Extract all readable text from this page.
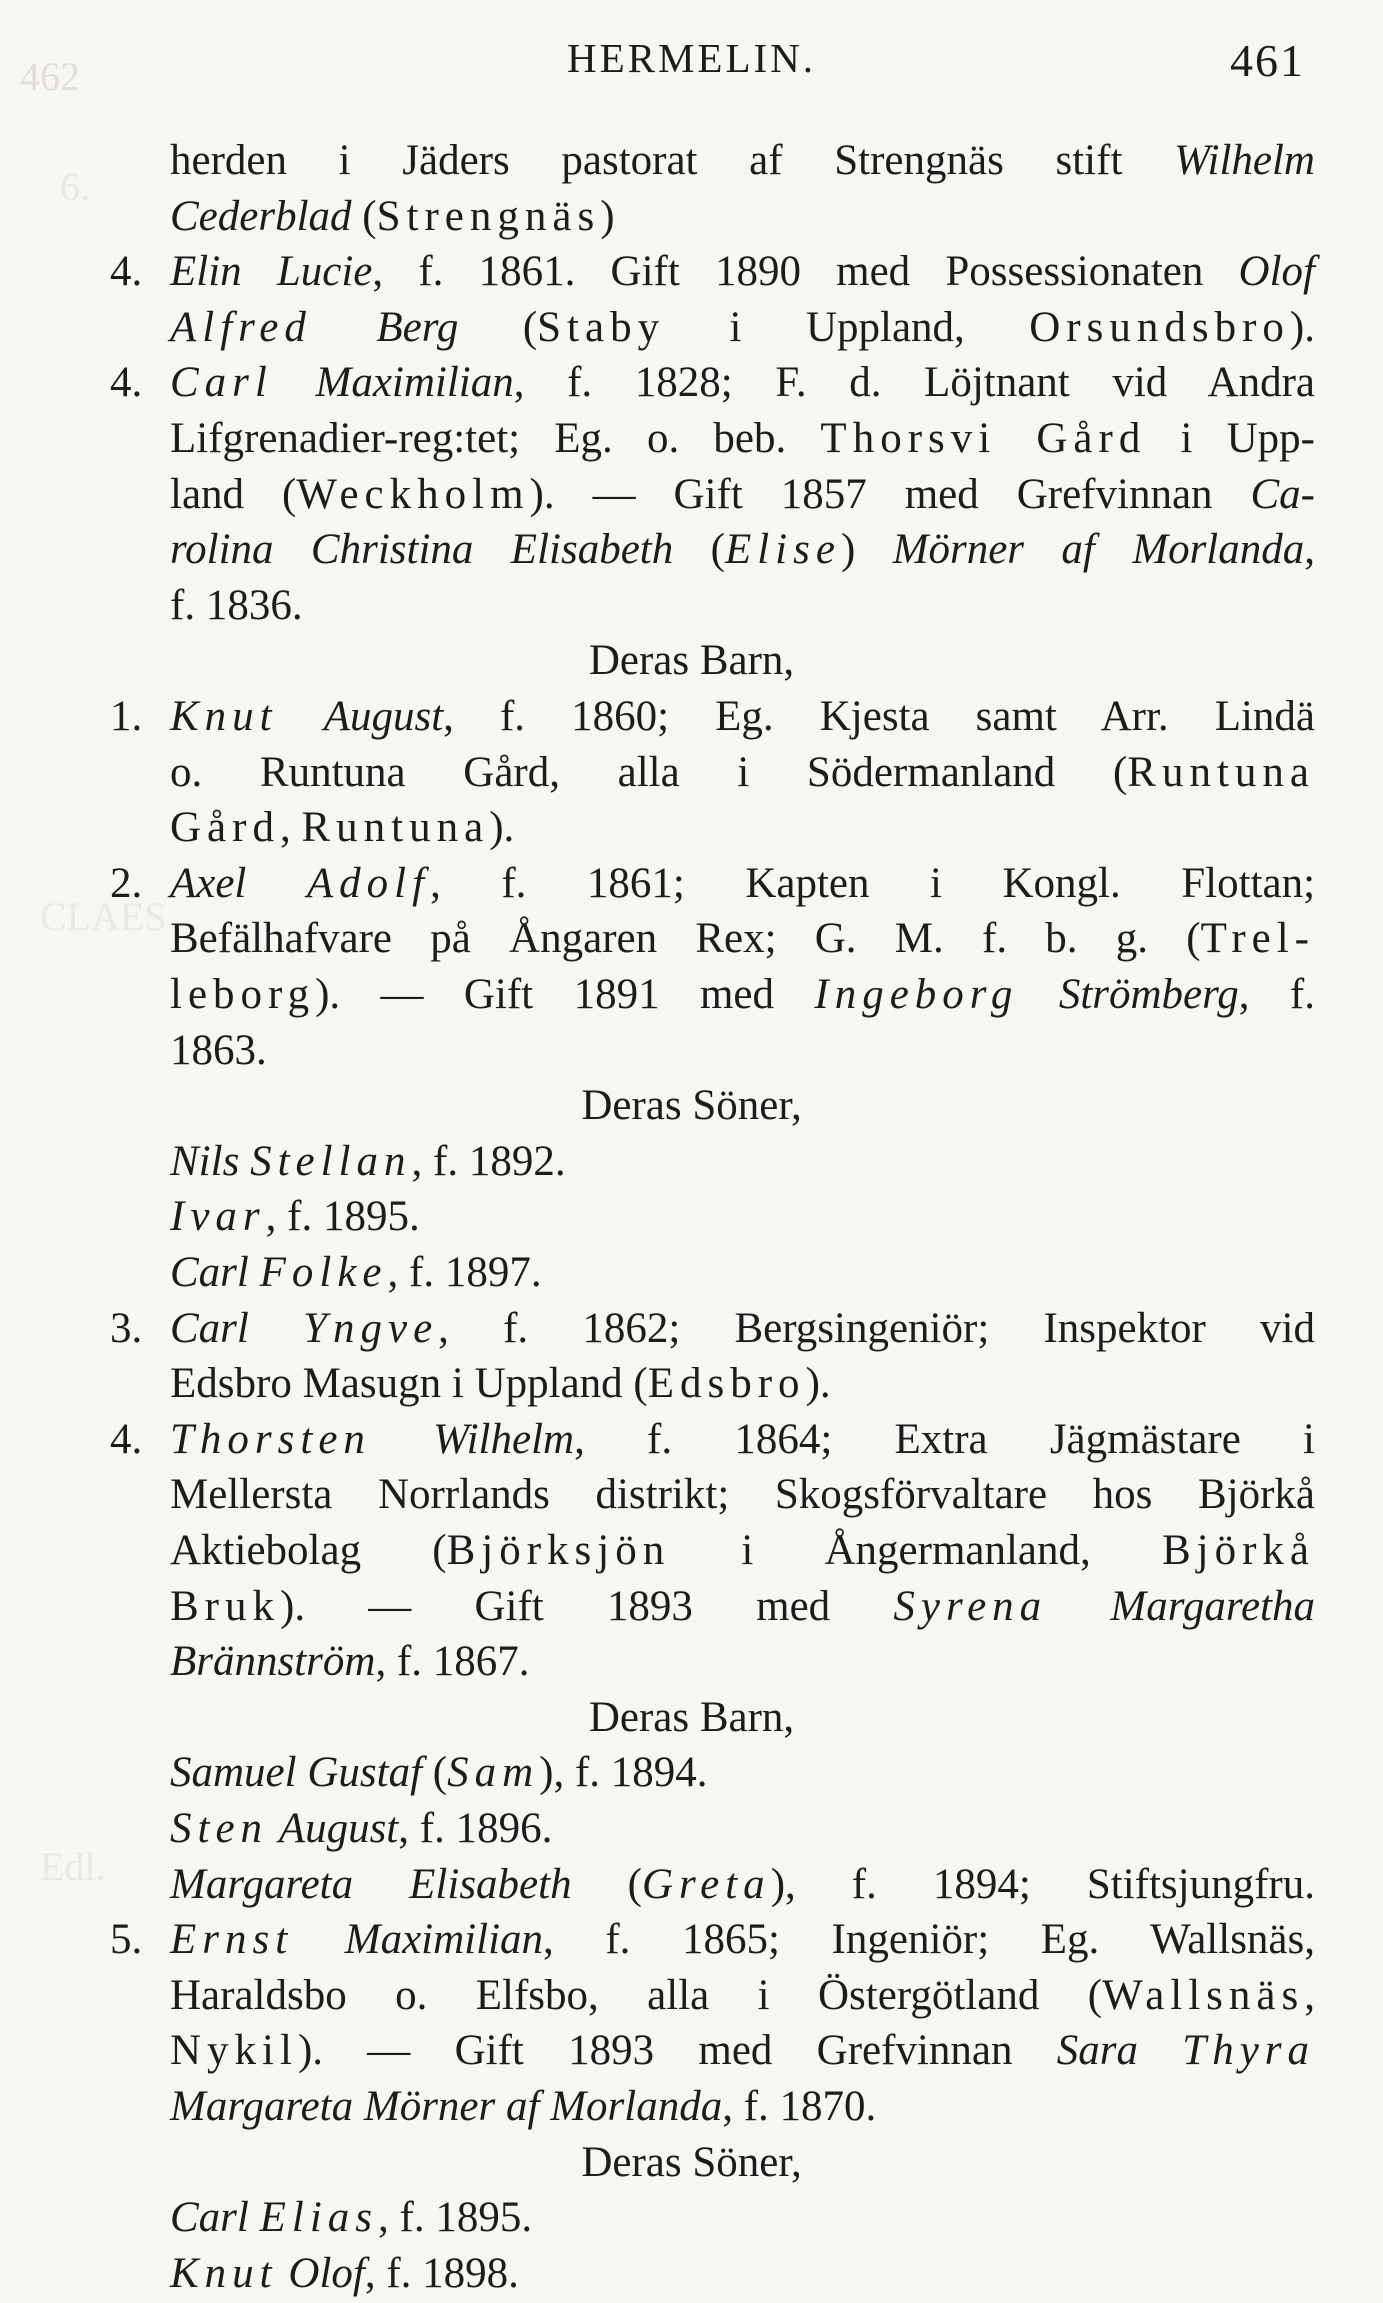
462
6.
CLAES
Edl.
HERMELIN.	461
herden i Jäders pastorat af Strengnäs stift Wilhelm
Cederblad (Strengnäs)
4. Elin Lucie, f. 1861. Gift 1890 med Possessionaten Olof
Alfred Berg (Staby i Uppland, Orsundsbro).
4. Carl Maximilian, f. 1828; F. d. Löjtnant vid Andra
Lifgrenadier-reg:tet; Eg. o. beb. Thorsvi Gård i Upp-
land (Weckholm). — Gift 1857 med Grefvinnan Ca-
rolina Christina Elisabeth (Elise) Mörner af Morlanda,
f. 1836.
Deras Barn,
1. Knut August, f. 1860; Eg. Kjesta samt Arr. Lindä
o. Runtuna Gård, alla i Södermanland (Runtuna
Gård, Runtuna).
2. Axel Adolf, f. 1861; Kapten i Kongl. Flottan;
Befälhafvare på Ångaren Rex; G. M. f. b. g. (Trel-
leborg). — Gift 1891 med Ingeborg Strömberg, f.
1863.
Deras Söner,
Nils Stellan, f. 1892.
Ivar, f. 1895.
Carl Folke, f. 1897.
3. Carl Yngve, f. 1862; Bergsingeniör; Inspektor vid
Edsbro Masugn i Uppland (Edsbro).
4. Thorsten Wilhelm, f. 1864; Extra Jägmästare i
Mellersta Norrlands distrikt; Skogsförvaltare hos Björkå
Aktiebolag (Björksjön i Ångermanland, Björkå
Bruk). — Gift 1893 med Syrena Margaretha
Brännström, f. 1867.
Deras Barn,
Samuel Gustaf (Sam), f. 1894.
Sten August, f. 1896.
Margareta Elisabeth (Greta), f. 1894; Stiftsjungfru.
5. Ernst Maximilian, f. 1865; Ingeniör; Eg. Wallsnäs,
Haraldsbo o. Elfsbo, alla i Östergötland (Wallsnäs,
Nykil). — Gift 1893 med Grefvinnan Sara Thyra
Margareta Mörner af Morlanda, f. 1870.
Deras Söner,
Carl Elias, f. 1895.
Knut Olof, f. 1898.
